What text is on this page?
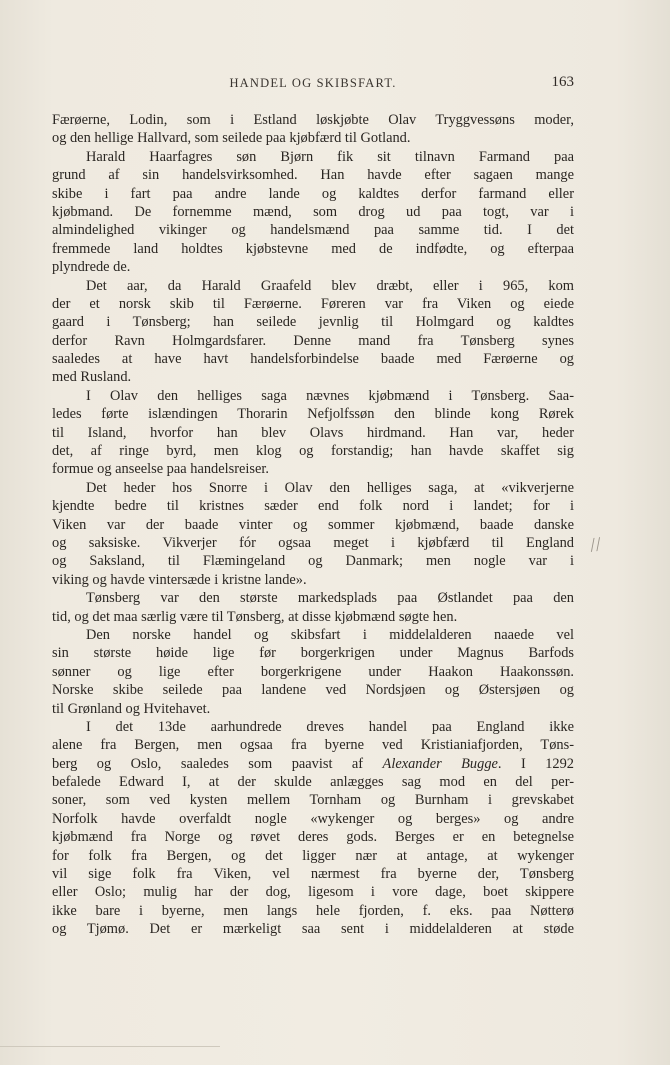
HANDEL OG SKIBSFART.	163
Færøerne, Lodin, som i Estland løskjøbte Olav Tryggvessøns moder,
og den hellige Hallvard, som seilede paa kjøbfærd til Gotland.
Harald Haarfagres søn Bjørn fik sit tilnavn Farmand paa
grund af sin handelsvirksomhed. Han havde efter sagaen mange
skibe i fart paa andre lande og kaldtes derfor farmand eller
kjøbmand. De fornemme mænd, som drog ud paa togt, var i
almindelighed vikinger og handelsmænd paa samme tid. I det
fremmede land holdtes kjøbstevne med de indfødte, og efterpaa
plyndrede de.
Det aar, da Harald Graafeld blev dræbt, eller i 965, kom
der et norsk skib til Færøerne. Føreren var fra Viken og eiede
gaard i Tønsberg; han seilede jevnlig til Holmgard og kaldtes
derfor Ravn Holmgardsfarer. Denne mand fra Tønsberg synes
saaledes at have havt handelsforbindelse baade med Færøerne og
med Rusland.
I Olav den helliges saga nævnes kjøbmænd i Tønsberg. Saa-
ledes førte islændingen Thorarin Nefjolfssøn den blinde kong Rørek
til Island, hvorfor han blev Olavs hirdmand. Han var, heder
det, af ringe byrd, men klog og forstandig; han havde skaffet sig
formue og anseelse paa handelsreiser.
Det heder hos Snorre i Olav den helliges saga, at «vikverjerne
kjendte bedre til kristnes sæder end folk nord i landet; for i
Viken var der baade vinter og sommer kjøbmænd, baade danske
og saksiske. Vikverjer fór ogsaa meget i kjøbfærd til England
og Saksland, til Flæmingeland og Danmark; men nogle var i
viking og havde vintersæde i kristne lande».
Tønsberg var den største markedsplads paa Østlandet paa den
tid, og det maa særlig være til Tønsberg, at disse kjøbmænd søgte hen.
Den norske handel og skibsfart i middelalderen naaede vel
sin største høide lige før borgerkrigen under Magnus Barfods
sønner og lige efter borgerkrigene under Haakon Haakonssøn.
Norske skibe seilede paa landene ved Nordsjøen og Østersjøen og
til Grønland og Hvitehavet.
I det 13de aarhundrede dreves handel paa England ikke
alene fra Bergen, men ogsaa fra byerne ved Kristianiafjorden, Tøns-
berg og Oslo, saaledes som paavist af Alexander Bugge. I 1292
befalede Edward I, at der skulde anlægges sag mod en del per-
soner, som ved kysten mellem Tornham og Burnham i grevskabet
Norfolk havde overfaldt nogle «wykenger og berges» og andre
kjøbmænd fra Norge og røvet deres gods. Berges er en betegnelse
for folk fra Bergen, og det ligger nær at antage, at wykenger
vil sige folk fra Viken, vel nærmest fra byerne der, Tønsberg
eller Oslo; mulig har der dog, ligesom i vore dage, boet skippere
ikke bare i byerne, men langs hele fjorden, f. eks. paa Nøtterø
og Tjømø. Det er mærkeligt saa sent i middelalderen at støde
//
